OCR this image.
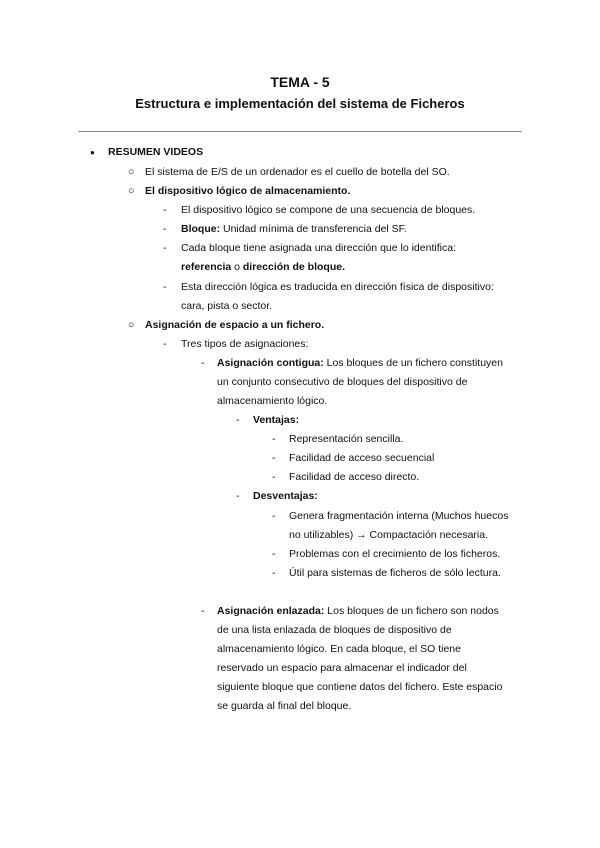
TEMA - 5
Estructura e implementación del sistema de Ficheros
● RESUMEN VIDEOS
○ El sistema de E/S de un ordenador es el cuello de botella del SO.
○ El dispositivo lógico de almacenamiento.
- El dispositivo lógico se compone de una secuencia de bloques.
- Bloque: Unidad mínima de transferencia del SF.
- Cada bloque tiene asignada una dirección que lo identifica:
referencia o dirección de bloque.
- Esta dirección lógica es traducida en dirección física de dispositivo:
cara, pista o sector.
○ Asignación de espacio a un fichero.
- Tres tipos de asignaciones:
- Asignación contigua: Los bloques de un fichero constituyen
un conjunto consecutivo de bloques del dispositivo de
almacenamiento lógico.
- Ventajas:
- Representación sencilla.
- Facilidad de acceso secuencial
- Facilidad de acceso directo.
- Desventajas:
- Genera fragmentación interna (Muchos huecos
no utilizables) → Compactación necesaria.
- Problemas con el crecimiento de los ficheros.
- Útil para sistemas de ficheros de sólo lectura.
- Asignación enlazada: Los bloques de un fichero son nodos
de una lista enlazada de bloques de dispositivo de
almacenamiento lógico. En cada bloque, el SO tiene
reservado un espacio para almacenar el indicador del
siguiente bloque que contiene datos del fichero. Este espacio
se guarda al final del bloque.
